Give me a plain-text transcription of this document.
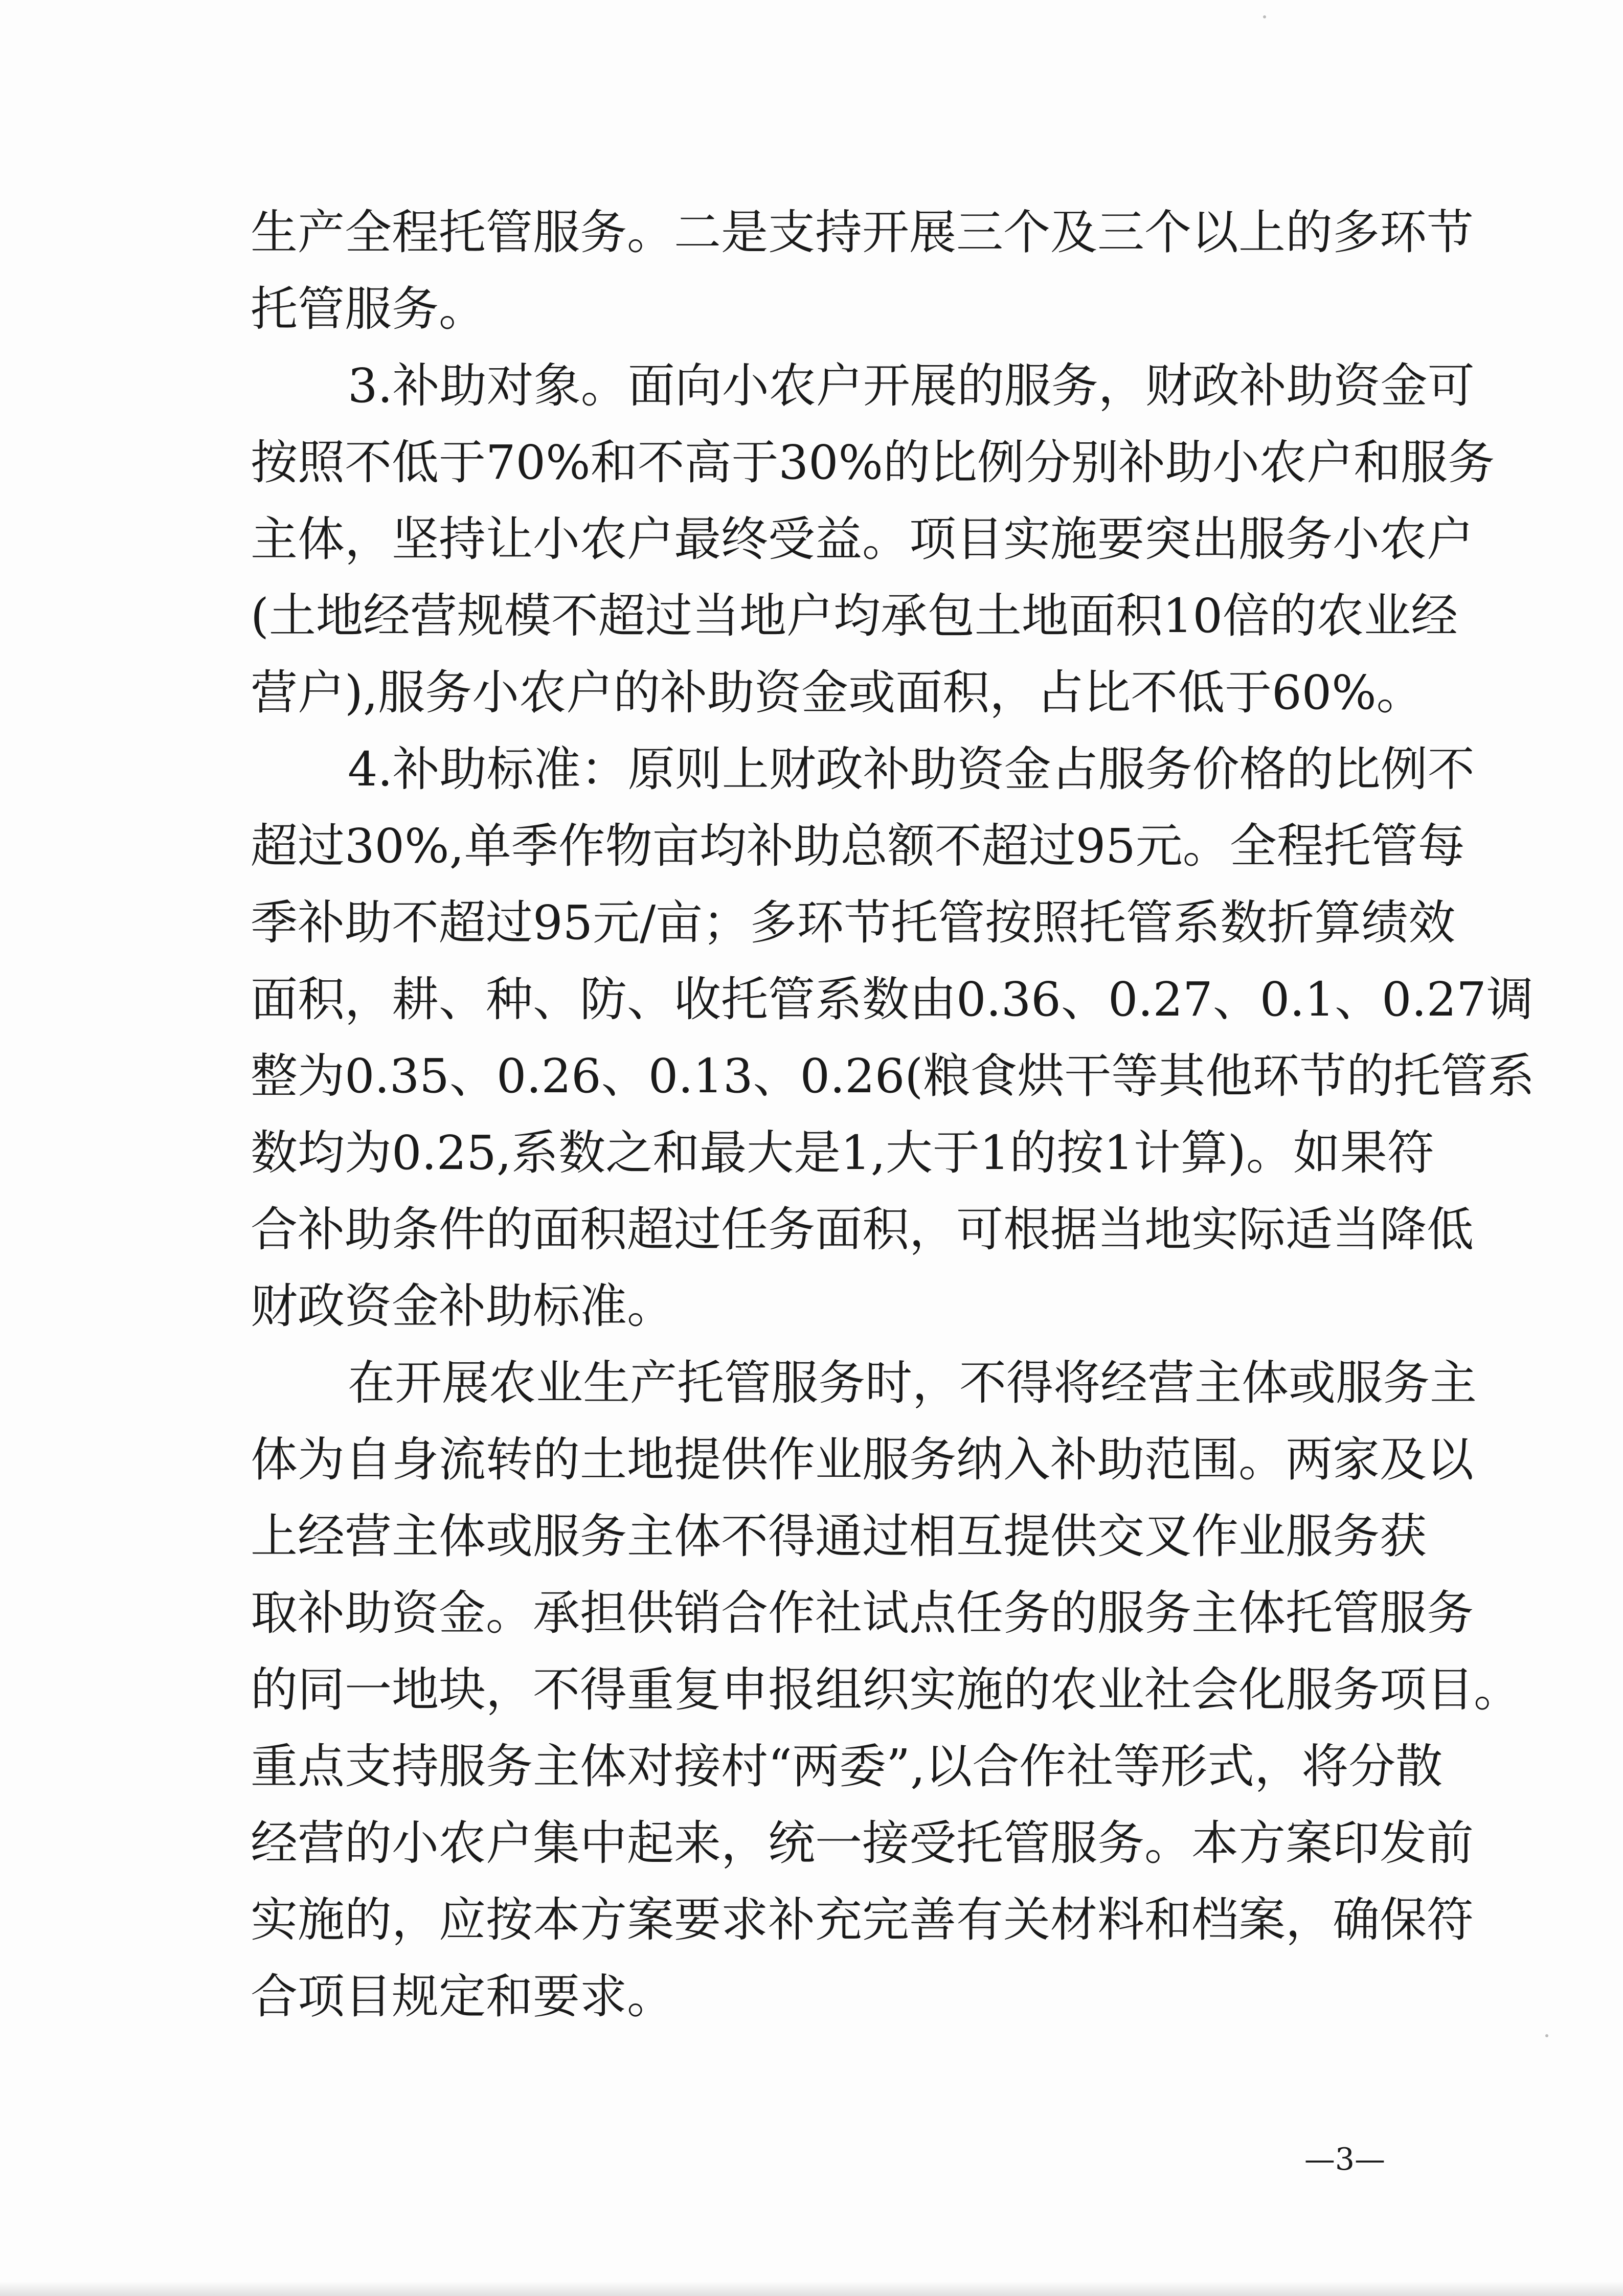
生产全程托管服务。二是支持开展三个及三个以上的多环节
托管服务。
3.补助对象。面向小农户开展的服务，财政补助资金可
按照不低于70%和不高于30%的比例分别补助小农户和服务
主体，坚持让小农户最终受益。项目实施要突出服务小农户
(土地经营规模不超过当地户均承包土地面积10倍的农业经
营户),服务小农户的补助资金或面积，占比不低于60%。
4.补助标准：原则上财政补助资金占服务价格的比例不
超过30%,单季作物亩均补助总额不超过95元。全程托管每
季补助不超过95元/亩；多环节托管按照托管系数折算绩效
面积，耕、种、防、收托管系数由0.36、0.27、0.1、0.27调
整为0.35、0.26、0.13、0.26(粮食烘干等其他环节的托管系
数均为0.25,系数之和最大是1,大于1的按1计算)。如果符
合补助条件的面积超过任务面积，可根据当地实际适当降低
财政资金补助标准。
在开展农业生产托管服务时，不得将经营主体或服务主
体为自身流转的土地提供作业服务纳入补助范围。两家及以
上经营主体或服务主体不得通过相互提供交叉作业服务获
取补助资金。承担供销合作社试点任务的服务主体托管服务
的同一地块，不得重复申报组织实施的农业社会化服务项目。
重点支持服务主体对接村“两委”,以合作社等形式，将分散
经营的小农户集中起来，统一接受托管服务。本方案印发前
实施的，应按本方案要求补充完善有关材料和档案，确保符
合项目规定和要求。
—3—
